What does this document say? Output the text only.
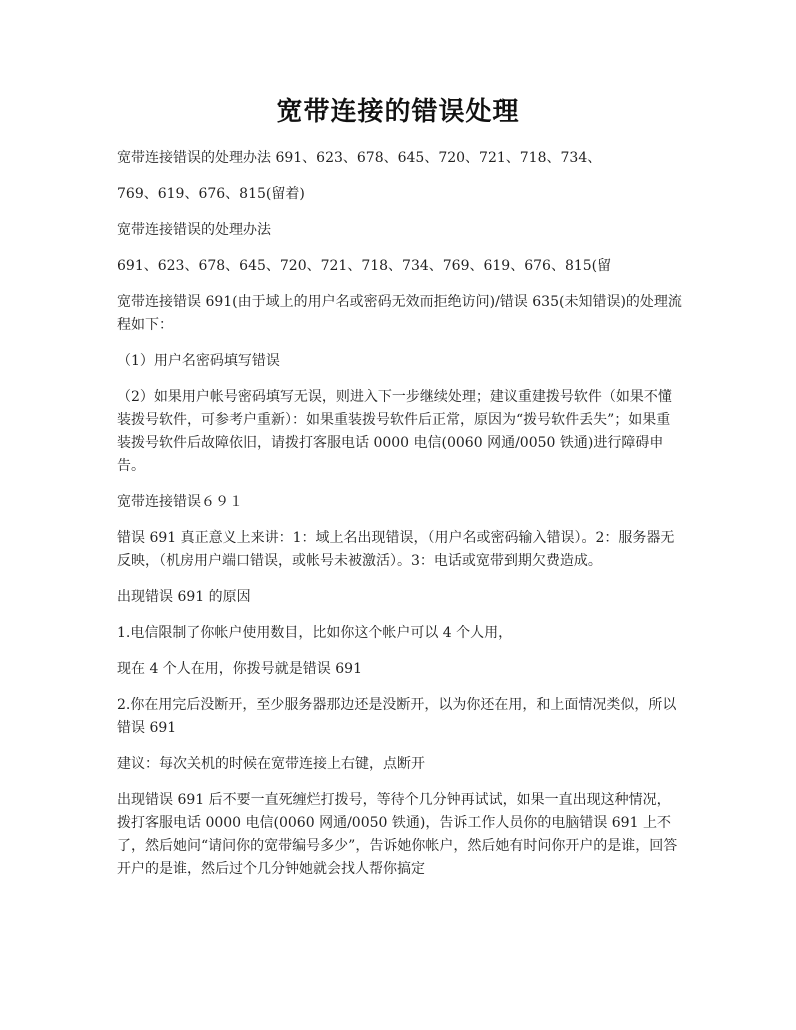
宽带连接的错误处理

宽带连接错误的处理办法 691、623、678、645、720、721、718、734、

769、619、676、815(留着)

宽带连接错误的处理办法

691、623、678、645、720、721、718、734、769、619、676、815(留

宽带连接错误 691(由于域上的用户名或密码无效而拒绝访问)/错误 635(未知错误)的处理流程如下：

（1）用户名密码填写错误

（2）如果用户帐号密码填写无误，则进入下一步继续处理；建议重建拨号软件（如果不懂装拨号软件，可参考户重新）：如果重装拨号软件后正常，原因为“拨号软件丢失”；如果重装拨号软件后故障依旧，请拨打客服电话 0000 电信(0060 网通/0050 铁通)进行障碍申告。

宽带连接错误６９１

错误 691 真正意义上来讲：1：域上名出现错误，（用户名或密码输入错误）。2：服务器无反映，（机房用户端口错误，或帐号未被激活）。3：电话或宽带到期欠费造成。

出现错误 691 的原因

1.电信限制了你帐户使用数目，比如你这个帐户可以 4 个人用，

现在 4 个人在用，你拨号就是错误 691

2.你在用完后没断开，至少服务器那边还是没断开，以为你还在用，和上面情况类似，所以错误 691

建议：每次关机的时候在宽带连接上右键，点断开

出现错误 691 后不要一直死缠烂打拨号，等待个几分钟再试试，如果一直出现这种情况，拨打客服电话 0000 电信(0060 网通/0050 铁通)，告诉工作人员你的电脑错误 691 上不了，然后她问“请问你的宽带编号多少”，告诉她你帐户，然后她有时问你开户的是谁，回答开户的是谁，然后过个几分钟她就会找人帮你搞定
